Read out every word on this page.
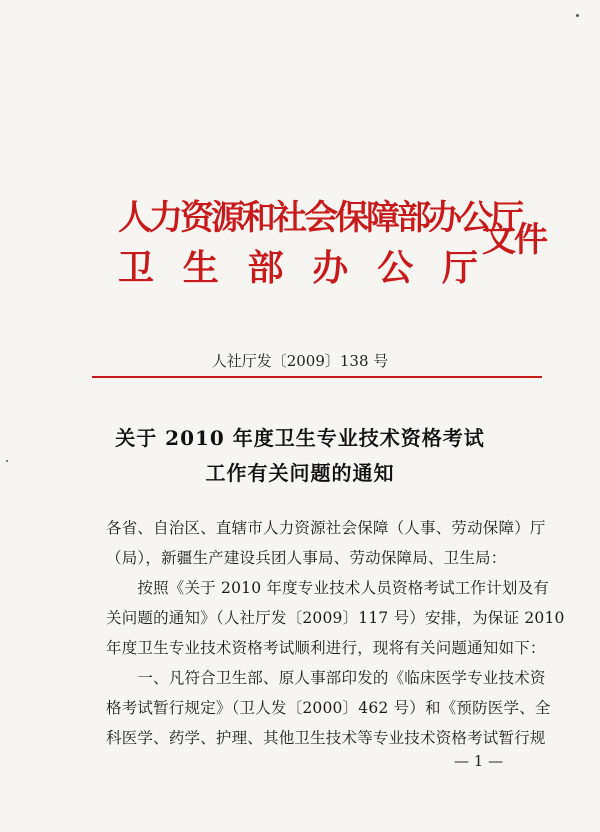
人力资源和社会保障部办公厅
卫 生 部 办 公 厅
文件
人社厅发〔2009〕138 号
关于 2010 年度卫生专业技术资格考试
工作有关问题的通知
各省、自治区、直辖市人力资源社会保障（人事、劳动保障）厅
（局），新疆生产建设兵团人事局、劳动保障局、卫生局：
　　按照《关于 2010 年度专业技术人员资格考试工作计划及有
关问题的通知》（人社厅发〔2009〕117 号）安排，为保证 2010
年度卫生专业技术资格考试顺利进行，现将有关问题通知如下：
　　一、凡符合卫生部、原人事部印发的《临床医学专业技术资
格考试暂行规定》（卫人发〔2000〕462 号）和《预防医学、全
科医学、药学、护理、其他卫生技术等专业技术资格考试暂行规
— 1 —
